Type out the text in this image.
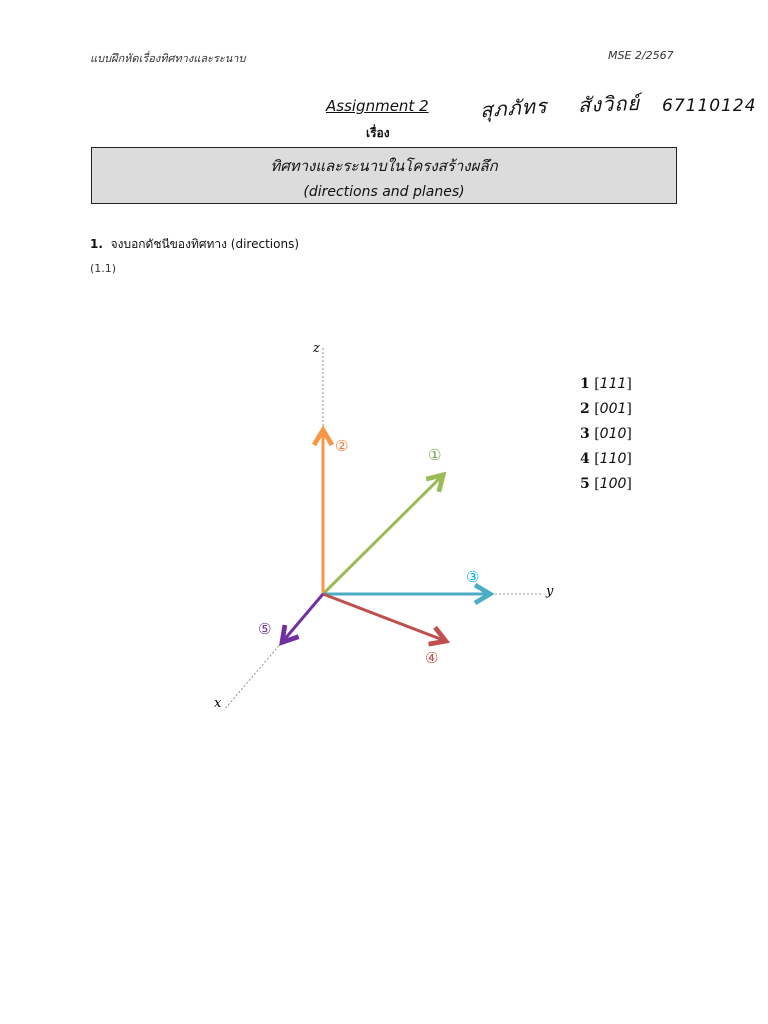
แบบฝึกหัดเรื่องทิศทางและระนาบ	MSE 2/2567
Assignment 2
เรื่อง
สุภภัทร สังวิถย์ 67110124
ทิศทางและระนาบในโครงสร้างผลึก
(directions and planes)
1. จงบอกดัชนีของทิศทาง (directions)
(1.1)
z
y
x
①
②
③
④
⑤
1 [111]
2 [001]
3 [010]
4 [110]
5 [100]
